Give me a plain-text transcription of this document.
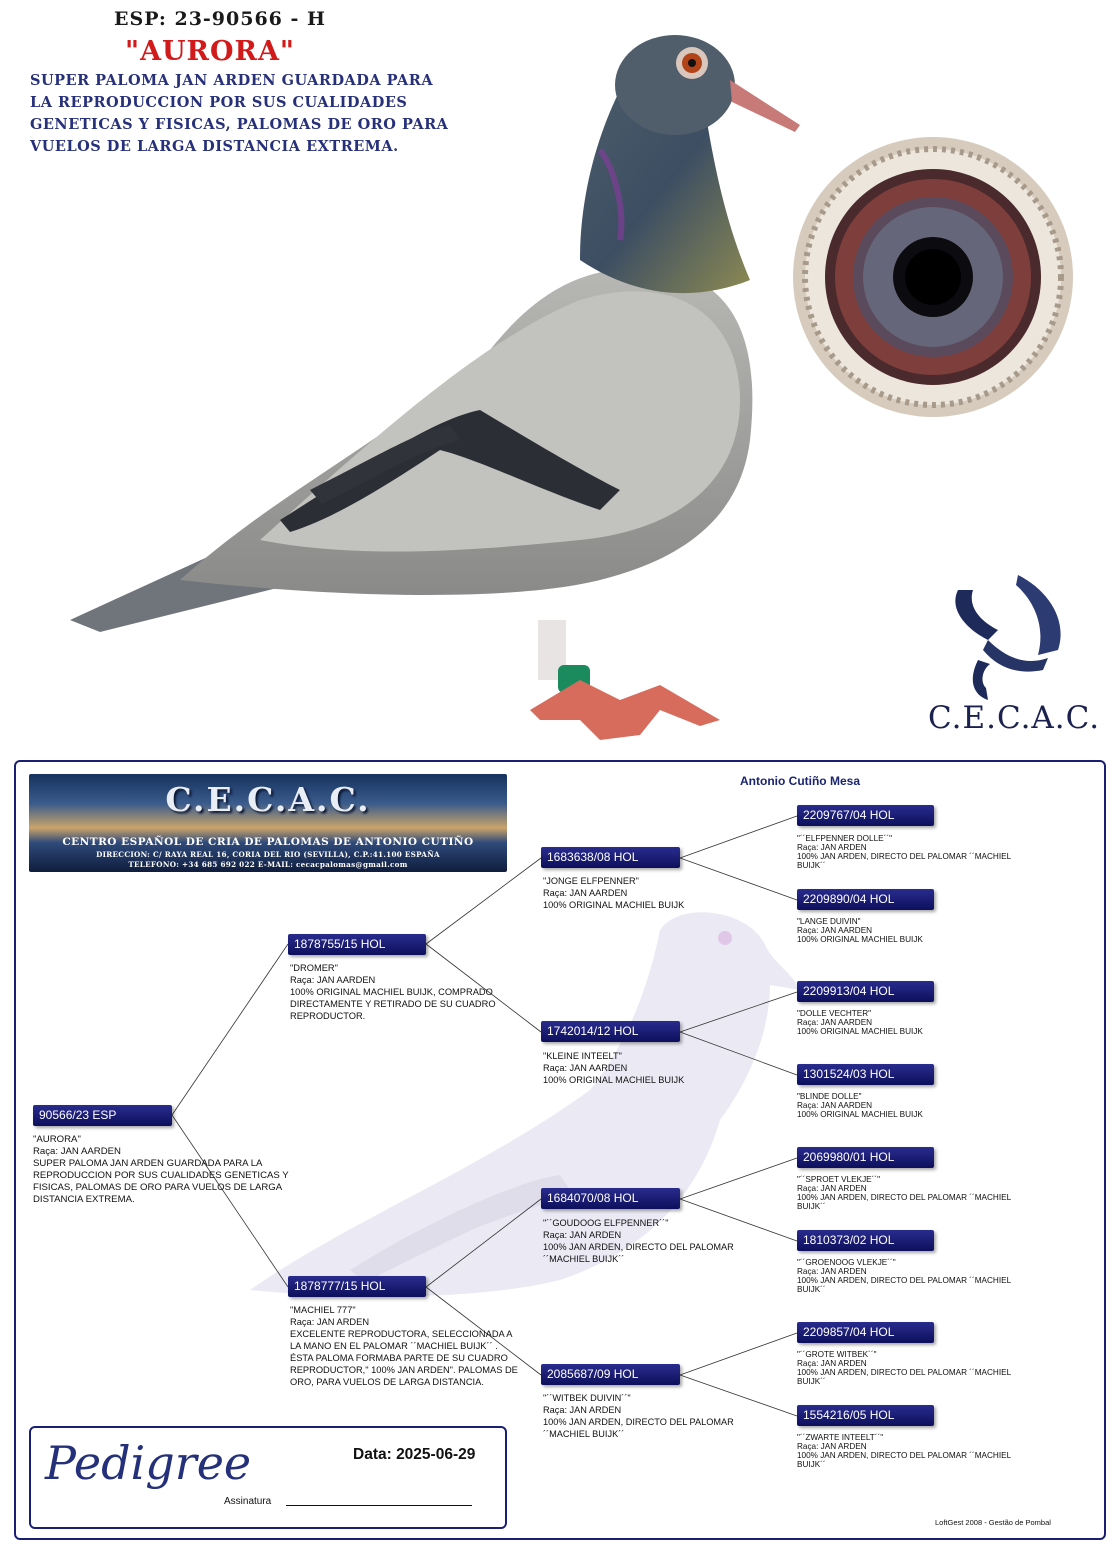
ESP: 23-90566 - H
"AURORA"
SUPER PALOMA JAN ARDEN GUARDADA PARA
LA REPRODUCCION POR SUS CUALIDADES
GENETICAS Y FISICAS, PALOMAS DE ORO PARA
VUELOS DE LARGA DISTANCIA EXTREMA.
C.E.C.A.C.
C.E.C.A.C.
CENTRO ESPAÑOL DE CRIA DE PALOMAS DE ANTONIO CUTIÑO
DIRECCION: C/ RAYA REAL 16, CORIA DEL RIO (SEVILLA), C.P.:41.100 ESPAÑA
TELEFONO: +34 685 692 022 E-MAIL: cecacpalomas@gmail.com
Antonio Cutiño Mesa
90566/23 ESP
"AURORA"
Raça: JAN AARDEN
SUPER PALOMA JAN ARDEN GUARDADA PARA LA REPRODUCCION POR SUS CUALIDADES GENETICAS Y FISICAS, PALOMAS DE ORO PARA VUELOS DE LARGA DISTANCIA EXTREMA.
1878755/15 HOL
"DROMER"
Raça: JAN AARDEN
100% ORIGINAL MACHIEL BUIJK, COMPRADO DIRECTAMENTE Y RETIRADO DE SU CUADRO REPRODUCTOR.
1878777/15 HOL
"MACHIEL 777"
Raça: JAN ARDEN
EXCELENTE REPRODUCTORA, SELECCIONADA A LA MANO EN EL PALOMAR ´´MACHIEL BUIJK´´ . ÉSTA PALOMA FORMABA PARTE DE SU CUADRO REPRODUCTOR," 100% JAN ARDEN". PALOMAS DE ORO, PARA VUELOS DE LARGA DISTANCIA.
1683638/08 HOL
"JONGE ELFPENNER"
Raça: JAN AARDEN
100% ORIGINAL MACHIEL BUIJK
1742014/12 HOL
"KLEINE INTEELT"
Raça: JAN AARDEN
100% ORIGINAL MACHIEL BUIJK
1684070/08 HOL
"´´GOUDOOG ELFPENNER´´"
Raça: JAN ARDEN
100% JAN ARDEN, DIRECTO DEL PALOMAR ´´MACHIEL BUIJK´´
2085687/09 HOL
"´´WITBEK DUIVIN´´"
Raça: JAN ARDEN
100% JAN ARDEN, DIRECTO DEL PALOMAR ´´MACHIEL BUIJK´´
2209767/04 HOL
"´´ELFPENNER DOLLE´´"
Raça: JAN ARDEN
100% JAN ARDEN, DIRECTO DEL PALOMAR ´´MACHIEL BUIJK´´
2209890/04 HOL
"LANGE DUIVIN"
Raça: JAN AARDEN
100% ORIGINAL MACHIEL BUIJK
2209913/04 HOL
"DOLLE VECHTER"
Raça: JAN AARDEN
100% ORIGINAL MACHIEL BUIJK
1301524/03 HOL
"BLINDE DOLLE"
Raça: JAN AARDEN
100% ORIGINAL MACHIEL BUIJK
2069980/01 HOL
"´´SPROET VLEKJE´´"
Raça: JAN ARDEN
100% JAN ARDEN, DIRECTO DEL PALOMAR ´´MACHIEL BUIJK´´
1810373/02 HOL
"´´GROENOOG VLEKJE´´"
Raça: JAN ARDEN
100% JAN ARDEN, DIRECTO DEL PALOMAR ´´MACHIEL BUIJK´´
2209857/04 HOL
"´´GROTE WITBEK´´"
Raça: JAN ARDEN
100% JAN ARDEN, DIRECTO DEL PALOMAR ´´MACHIEL BUIJK´´
1554216/05 HOL
"´´ZWARTE INTEELT´´"
Raça: JAN ARDEN
100% JAN ARDEN, DIRECTO DEL PALOMAR ´´MACHIEL BUIJK´´
Pedigree	Data: 2025-06-29
Assinatura
LoftGest 2008 - Gestão de Pombal
